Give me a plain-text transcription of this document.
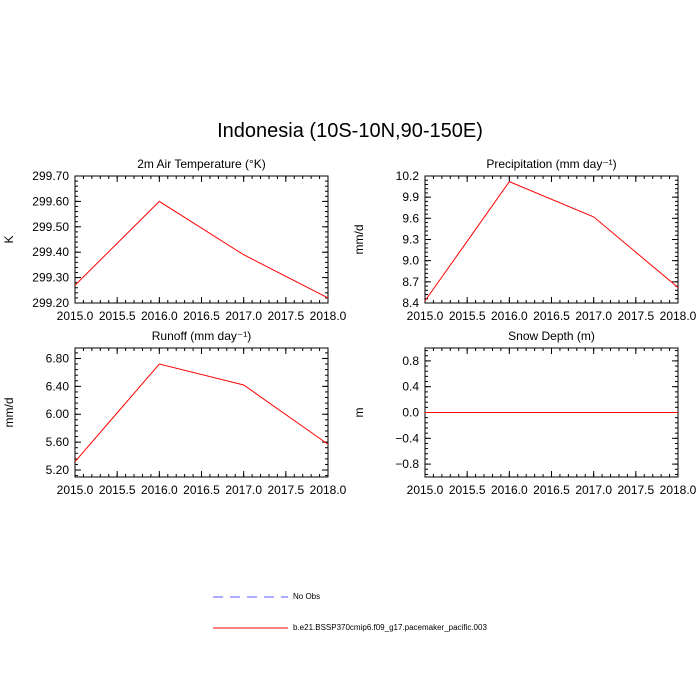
Indonesia (10S-10N,90-150E)
2m Air Temperature (°K)
K
2015.0 2015.5 2016.0 2016.5 2017.0 2017.5 2018.0
299.20
299.30
299.40
299.50
299.60
299.70
Precipitation (mm day⁻¹)
mm/d
2015.0 2015.5 2016.0 2016.5 2017.0 2017.5 2018.0
8.4
8.7
9.0
9.3
9.6
9.9
10.2
Runoff (mm day⁻¹)
mm/d
2015.0 2015.5 2016.0 2016.5 2017.0 2017.5 2018.0
5.20
5.60
6.00
6.40
6.80
Snow Depth (m)
m
2015.0 2015.5 2016.0 2016.5 2017.0 2017.5 2018.0
−0.8
−0.4
0.0
0.4
0.8
No Obs
b.e21.BSSP370cmip6.f09_g17.pacemaker_pacific.003
